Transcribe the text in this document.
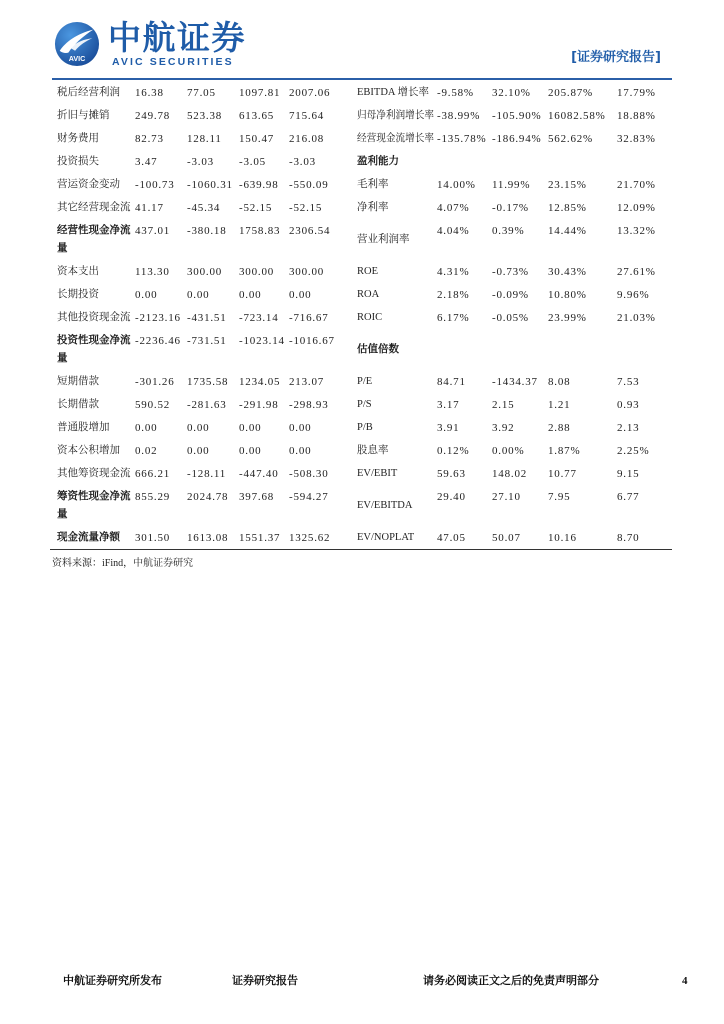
AVIC
中航证券
AVIC SECURITIES	[证券研究报告]
税后经营利润	16.38	77.05	1097.81	2007.06	EBITDA 增长率	-9.58%	32.10%	205.87%	17.79%
折旧与摊销	249.78	523.38	613.65	715.64	归母净利润增长率	-38.99%	-105.90%	16082.58%	18.88%
财务费用	82.73	128.11	150.47	216.08	经营现金流增长率	-135.78%	-186.94%	562.62%	32.83%
投资损失	3.47	-3.03	-3.05	-3.03	盈利能力				
营运资金变动	-100.73	-1060.31	-639.98	-550.09	毛利率	14.00%	11.99%	23.15%	21.70%
其它经营现金流	41.17	-45.34	-52.15	-52.15	净利率	4.07%	-0.17%	12.85%	12.09%
经营性现金净流量	437.01	-380.18	1758.83	2306.54	营业利润率	4.04%	0.39%	14.44%	13.32%
资本支出	113.30	300.00	300.00	300.00	ROE	4.31%	-0.73%	30.43%	27.61%
长期投资	0.00	0.00	0.00	0.00	ROA	2.18%	-0.09%	10.80%	9.96%
其他投资现金流	-2123.16	-431.51	-723.14	-716.67	ROIC	6.17%	-0.05%	23.99%	21.03%
投资性现金净流量	-2236.46	-731.51	-1023.14	-1016.67	估值倍数				
短期借款	-301.26	1735.58	1234.05	213.07	P/E	84.71	-1434.37	8.08	7.53
长期借款	590.52	-281.63	-291.98	-298.93	P/S	3.17	2.15	1.21	0.93
普通股增加	0.00	0.00	0.00	0.00	P/B	3.91	3.92	2.88	2.13
资本公积增加	0.02	0.00	0.00	0.00	股息率	0.12%	0.00%	1.87%	2.25%
其他筹资现金流	666.21	-128.11	-447.40	-508.30	EV/EBIT	59.63	148.02	10.77	9.15
筹资性现金净流量	855.29	2024.78	397.68	-594.27	EV/EBITDA	29.40	27.10	7.95	6.77
现金流量净额	301.50	1613.08	1551.37	1325.62	EV/NOPLAT	47.05	50.07	10.16	8.70
资料来源：iFind，中航证券研究
中航证券研究所发布	证券研究报告	请务必阅读正文之后的免责声明部分	4
